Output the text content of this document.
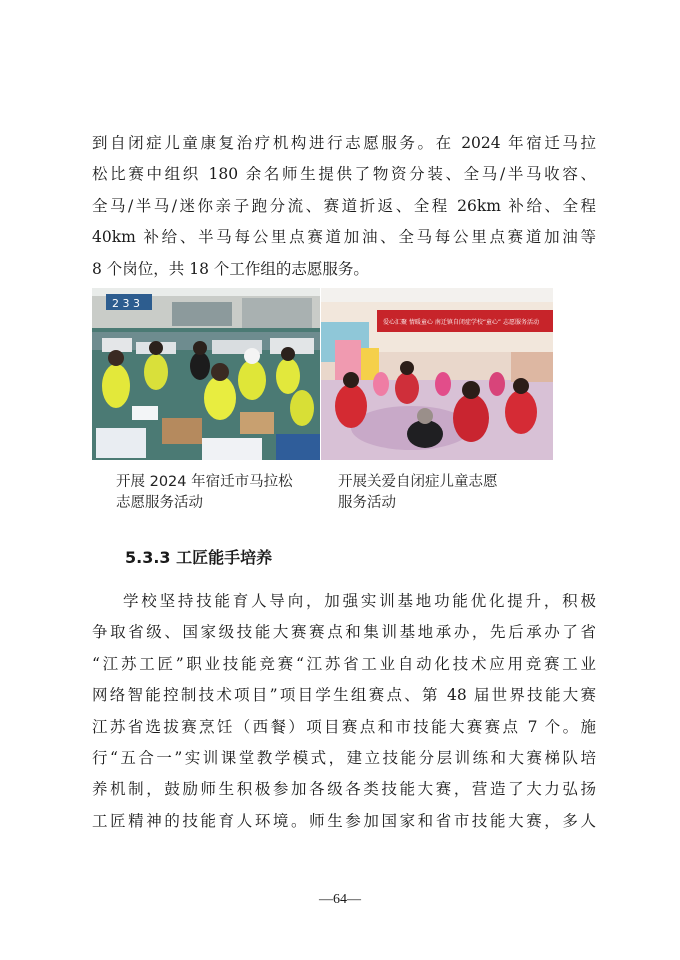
到自闭症儿童康复治疗机构进行志愿服务。在 2024 年宿迁马拉
松比赛中组织 180 余名师生提供了物资分装、全马/半马收容、
全马/半马/迷你亲子跑分流、赛道折返、全程 26km 补给、全程
40km 补给、半马每公里点赛道加油、全马每公里点赛道加油等
8 个岗位，共 18 个工作组的志愿服务。
2 3 3
爱心汇聚 情暖童心 南迁镇自闭症学校“童心” 志愿服务活动
开展 2024 年宿迁市马拉松
志愿服务活动
开展关爱自闭症儿童志愿
服务活动
5.3.3 工匠能手培养
学校坚持技能育人导向，加强实训基地功能优化提升，积极
争取省级、国家级技能大赛赛点和集训基地承办，先后承办了省
“江苏工匠”职业技能竞赛“江苏省工业自动化技术应用竞赛工业
网络智能控制技术项目”项目学生组赛点、第 48 届世界技能大赛
江苏省选拔赛烹饪（西餐）项目赛点和市技能大赛赛点 7 个。施
行“五合一”实训课堂教学模式，建立技能分层训练和大赛梯队培
养机制，鼓励师生积极参加各级各类技能大赛，营造了大力弘扬
工匠精神的技能育人环境。师生参加国家和省市技能大赛，多人
—64—
